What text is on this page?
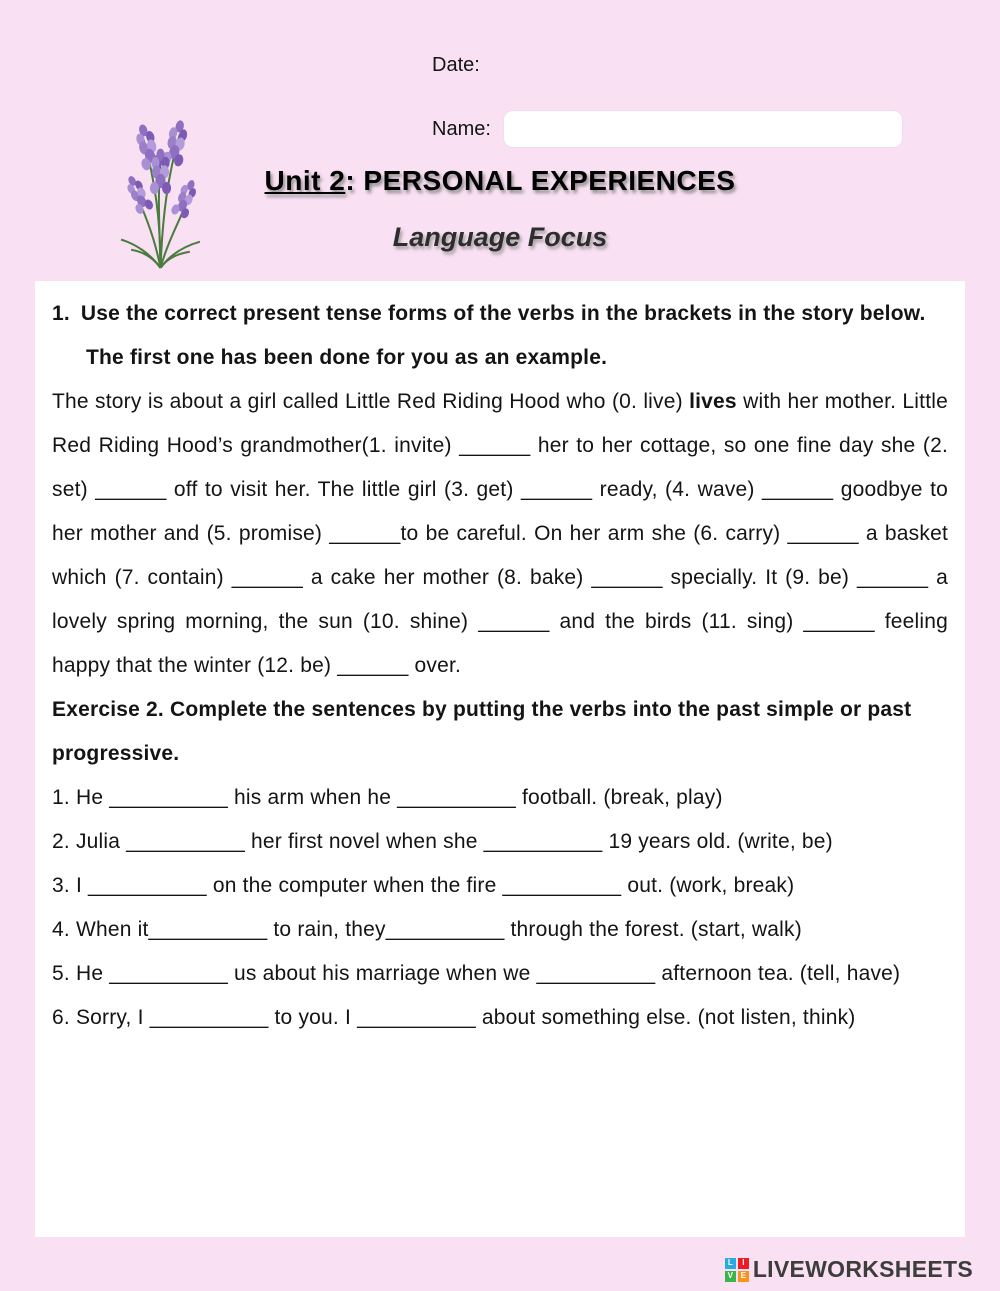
Date:
Name:
Unit 2: PERSONAL EXPERIENCES
Language Focus

1. Use the correct present tense forms of the verbs in the brackets in the story below. The first one has been done for you as an example.

The story is about a girl called Little Red Riding Hood who (0. live) lives with her mother. Little Red Riding Hood’s grandmother(1. invite) ______ her to her cottage, so one fine day she (2. set) ______ off to visit her. The little girl (3. get) ______ ready, (4. wave) ______ goodbye to her mother and (5. promise) ______to be careful. On her arm she (6. carry) ______ a basket which (7. contain) ______ a cake her mother (8. bake) ______ specially. It (9. be) ______ a lovely spring morning, the sun (10. shine) ______ and the birds (11. sing) ______ feeling happy that the winter (12. be) ______ over.

Exercise 2. Complete the sentences by putting the verbs into the past simple or past progressive.

1. He __________ his arm when he __________ football. (break, play)

2. Julia __________ her first novel when she __________ 19 years old. (write, be)

3. I __________ on the computer when the fire __________ out. (work, break)

4. When it__________ to rain, they__________ through the forest. (start, walk)

5. He __________ us about his marriage when we __________ afternoon tea. (tell, have)

6. Sorry, I __________ to you. I __________ about something else. (not listen, think)

L	I
V E LIVEWORKSHEETS
